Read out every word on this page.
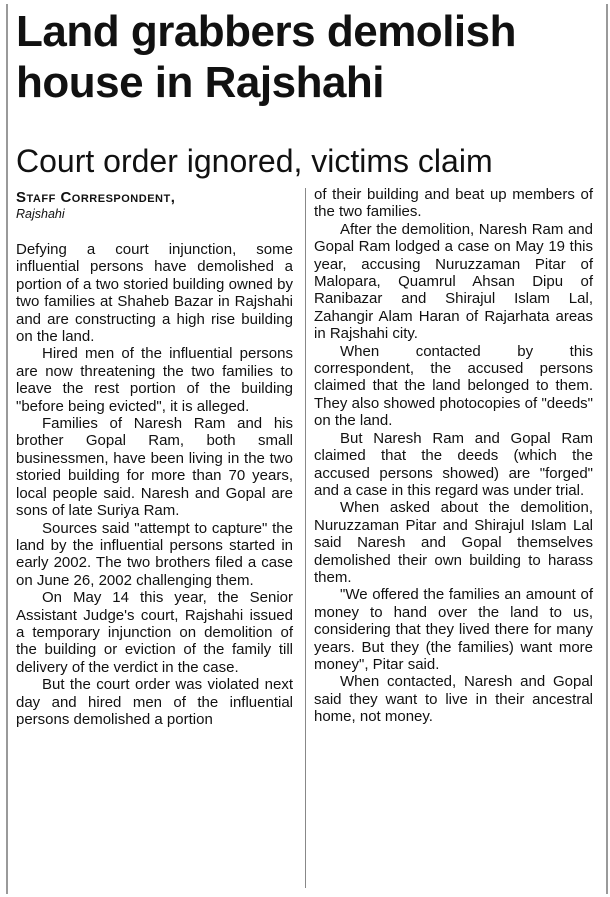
Land grabbers demolish
house in Rajshahi
Court order ignored, victims claim
Staff Correspondent,
Rajshahi

Defying a court injunction, some influential persons have demolished a portion of a two storied building owned by two families at Shaheb Bazar in Rajshahi and are constructing a high rise building on the land.

Hired men of the influential persons are now threatening the two families to leave the rest portion of the building "before being evicted", it is alleged.

Families of Naresh Ram and his brother Gopal Ram, both small businessmen, have been living in the two storied building for more than 70 years, local people said. Naresh and Gopal are sons of late Suriya Ram.

Sources said "attempt to capture" the land by the influential persons started in early 2002. The two brothers filed a case on June 26, 2002 challenging them.

On May 14 this year, the Senior Assistant Judge's court, Rajshahi issued a temporary injunction on demolition of the building or eviction of the family till delivery of the verdict in the case.

But the court order was violated next day and hired men of the influential persons demolished a portion

of their building and beat up members of the two families.

After the demolition, Naresh Ram and Gopal Ram lodged a case on May 19 this year, accusing Nuruzzaman Pitar of Malopara, Quamrul Ahsan Dipu of Ranibazar and Shirajul Islam Lal, Zahangir Alam Haran of Rajarhata areas in Rajshahi city.

When contacted by this correspondent, the accused persons claimed that the land belonged to them. They also showed photocopies of "deeds" on the land.

But Naresh Ram and Gopal Ram claimed that the deeds (which the accused persons showed) are "forged" and a case in this regard was under trial.

When asked about the demolition, Nuruzzaman Pitar and Shirajul Islam Lal said Naresh and Gopal themselves demolished their own building to harass them.

"We offered the families an amount of money to hand over the land to us, considering that they lived there for many years. But they (the families) want more money", Pitar said.

When contacted, Naresh and Gopal said they want to live in their ancestral home, not money.
